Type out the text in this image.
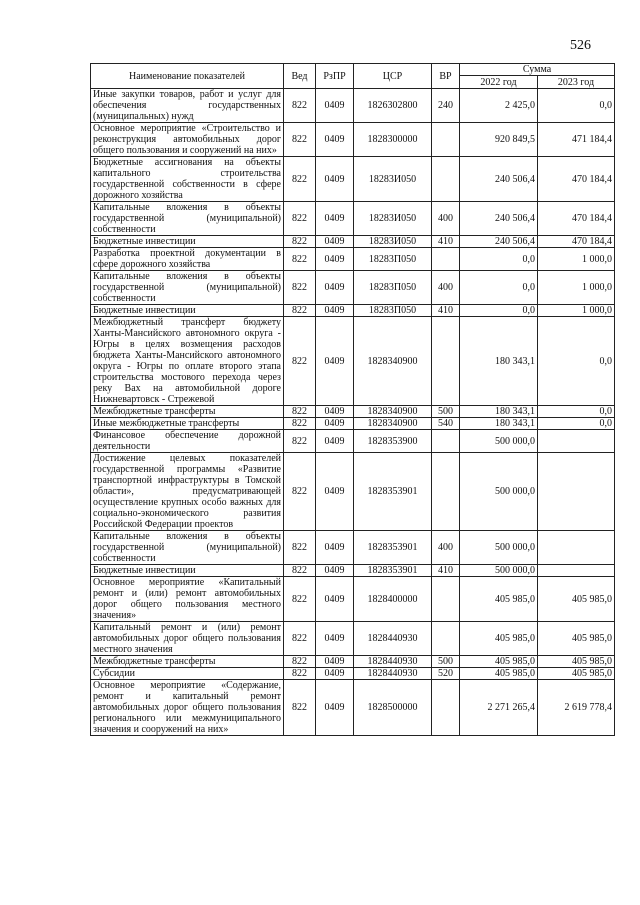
526
Наименование показателей	Вед	РзПР	ЦСР	ВР	Сумма	
					2022 год	2023 год
Иные закупки товаров, работ и услуг для обеспечения государственных (муниципальных) нужд	822	0409	1826302800	240	2 425,0	0,0
Основное мероприятие «Строительство и реконструкция автомобильных дорог общего пользования и сооружений на них»	822	0409	1828300000		920 849,5	471 184,4
Бюджетные ассигнования на объекты капитального строительства государственной собственности в сфере дорожного хозяйства	822	0409	18283И050		240 506,4	470 184,4
Капитальные вложения в объекты государственной (муниципальной) собственности	822	0409	18283И050	400	240 506,4	470 184,4
Бюджетные инвестиции	822	0409	18283И050	410	240 506,4	470 184,4
Разработка проектной документации в сфере дорожного хозяйства	822	0409	18283П050		0,0	1 000,0
Капитальные вложения в объекты государственной (муниципальной) собственности	822	0409	18283П050	400	0,0	1 000,0
Бюджетные инвестиции	822	0409	18283П050	410	0,0	1 000,0
Межбюджетный трансферт бюджету Ханты-Мансийского автономного округа - Югры в целях возмещения расходов бюджета Ханты-Мансийского автономного округа - Югры по оплате второго этапа строительства мостового перехода через реку Вах на автомобильной дороге Нижневартовск - Стрежевой	822	0409	1828340900		180 343,1	0,0
Межбюджетные трансферты	822	0409	1828340900	500	180 343,1	0,0
Иные межбюджетные трансферты	822	0409	1828340900	540	180 343,1	0,0
Финансовое обеспечение дорожной деятельности	822	0409	1828353900		500 000,0	
Достижение целевых показателей государственной программы «Развитие транспортной инфраструктуры в Томской области», предусматривающей осуществление крупных особо важных для социально-экономического развития Российской Федерации проектов	822	0409	1828353901		500 000,0	
Капитальные вложения в объекты государственной (муниципальной) собственности	822	0409	1828353901	400	500 000,0	
Бюджетные инвестиции	822	0409	1828353901	410	500 000,0	
Основное мероприятие «Капитальный ремонт и (или) ремонт автомобильных дорог общего пользования местного значения»	822	0409	1828400000		405 985,0	405 985,0
Капитальный ремонт и (или) ремонт автомобильных дорог общего пользования местного значения	822	0409	1828440930		405 985,0	405 985,0
Межбюджетные трансферты	822	0409	1828440930	500	405 985,0	405 985,0
Субсидии	822	0409	1828440930	520	405 985,0	405 985,0
Основное мероприятие «Содержание, ремонт и капитальный ремонт автомобильных дорог общего пользования регионального или межмуниципального значения и сооружений на них»	822	0409	1828500000		2 271 265,4	2 619 778,4
